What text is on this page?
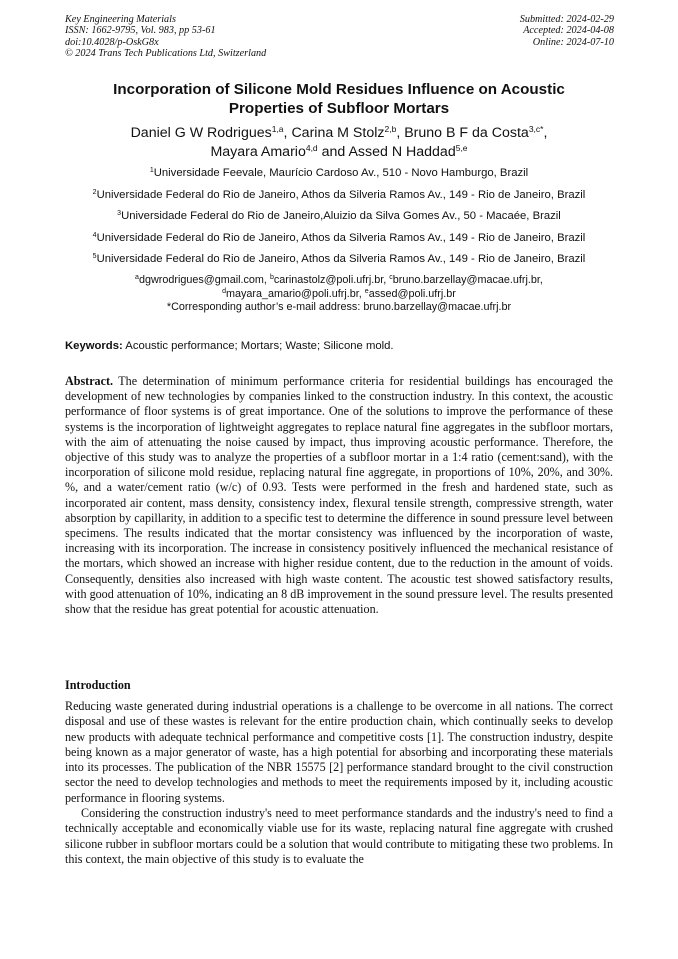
Key Engineering Materials
ISSN: 1662-9795, Vol. 983, pp 53-61
doi:10.4028/p-OskG8x
© 2024 Trans Tech Publications Ltd, Switzerland
Submitted: 2024-02-29
Accepted: 2024-04-08
Online: 2024-07-10
Incorporation of Silicone Mold Residues Influence on Acoustic
Properties of Subfloor Mortars
Daniel G W Rodrigues$^{1,a}$, Carina M Stolz$^{2,b}$, Bruno B F da Costa$^{3,c*}$,
Mayara Amario$^{4,d}$ and Assed N Haddad$^{5,e}$
$^1$Universidade Feevale, Maurício Cardoso Av., 510 - Novo Hamburgo, Brazil
$^2$Universidade Federal do Rio de Janeiro, Athos da Silveria Ramos Av., 149 - Rio de Janeiro, Brazil
$^3$Universidade Federal do Rio de Janeiro,Aluizio da Silva Gomes Av., 50 - Macaée, Brazil
$^4$Universidade Federal do Rio de Janeiro, Athos da Silveria Ramos Av., 149 - Rio de Janeiro, Brazil
$^5$Universidade Federal do Rio de Janeiro, Athos da Silveria Ramos Av., 149 - Rio de Janeiro, Brazil
$^a$dgwrodrigues@gmail.com, $^b$carinastolz@poli.ufrj.br, $^c$bruno.barzellay@macae.ufrj.br,
$^d$mayara_amario@poli.ufrj.br, $^e$assed@poli.ufrj.br
*Corresponding author’s e-mail address: bruno.barzellay@macae.ufrj.br
Keywords: Acoustic performance; Mortars; Waste; Silicone mold.
Abstract. The determination of minimum performance criteria for residential buildings has encouraged the development of new technologies by companies linked to the construction industry. In this context, the acoustic performance of floor systems is of great importance. One of the solutions to improve the performance of these systems is the incorporation of lightweight aggregates to replace natural fine aggregates in the subfloor mortars, with the aim of attenuating the noise caused by impact, thus improving acoustic performance. Therefore, the objective of this study was to analyze the properties of a subfloor mortar in a 1:4 ratio (cement:sand), with the incorporation of silicone mold residue, replacing natural fine aggregate, in proportions of 10%, 20%, and 30%. %, and a water/cement ratio (w/c) of 0.93. Tests were performed in the fresh and hardened state, such as incorporated air content, mass density, consistency index, flexural tensile strength, compressive strength, water absorption by capillarity, in addition to a specific test to determine the difference in sound pressure level between specimens. The results indicated that the mortar consistency was influenced by the incorporation of waste, increasing with its incorporation. The increase in consistency positively influenced the mechanical resistance of the mortars, which showed an increase with higher residue content, due to the reduction in the amount of voids. Consequently, densities also increased with high waste content. The acoustic test showed satisfactory results, with good attenuation of 10%, indicating an 8 dB improvement in the sound pressure level. The results presented show that the residue has great potential for acoustic attenuation.
Introduction

Reducing waste generated during industrial operations is a challenge to be overcome in all nations. The correct disposal and use of these wastes is relevant for the entire production chain, which continually seeks to develop new products with adequate technical performance and competitive costs [1]. The construction industry, despite being known as a major generator of waste, has a high potential for absorbing and incorporating these materials into its processes. The publication of the NBR 15575 [2] performance standard brought to the civil construction sector the need to develop technologies and methods to meet the requirements imposed by it, including acoustic performance in flooring systems.

Considering the construction industry's need to meet performance standards and the industry's need to find a technically acceptable and economically viable use for its waste, replacing natural fine aggregate with crushed silicone rubber in subfloor mortars could be a solution that would contribute to mitigating these two problems. In this context, the main objective of this study is to evaluate the
